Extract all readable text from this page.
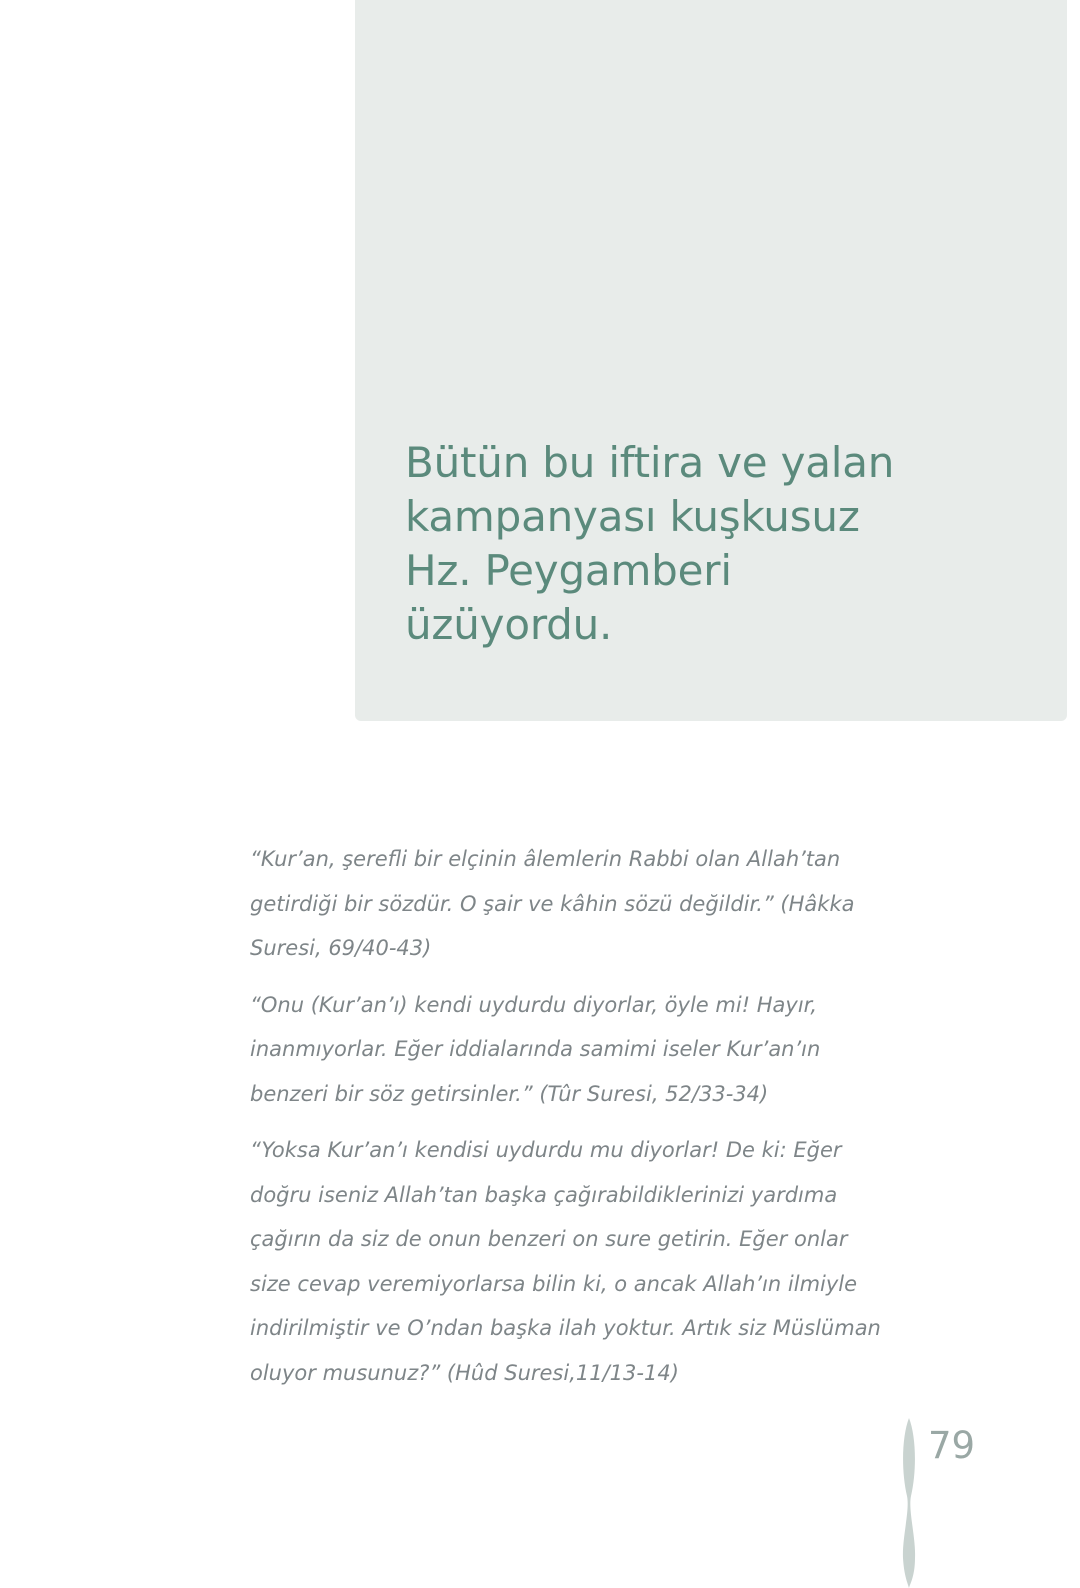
Bütün bu iftira ve yalan
kampanyası kuşkusuz
Hz. Peygamberi
üzüyordu.

“Kur’an, şerefli bir elçinin âlemlerin Rabbi olan Allah’tan getirdiği bir sözdür. O şair ve kâhin sözü değildir.” (Hâkka Suresi, 69/40-43)

“Onu (Kur’an’ı) kendi uydurdu diyorlar, öyle mi! Hayır, inanmıyorlar. Eğer iddialarında samimi iseler Kur’an’ın benzeri bir söz getirsinler.” (Tûr Suresi, 52/33-34)

“Yoksa Kur’an’ı kendisi uydurdu mu diyorlar! De ki: Eğer doğru iseniz Allah’tan başka çağırabildiklerinizi yardıma çağırın da siz de onun benzeri on sure getirin. Eğer onlar size cevap veremiyorlarsa bilin ki, o ancak Allah’ın ilmiyle indirilmiştir ve O’ndan başka ilah yoktur. Artık siz Müslüman oluyor musunuz?” (Hûd Suresi,11/13-14)

79
